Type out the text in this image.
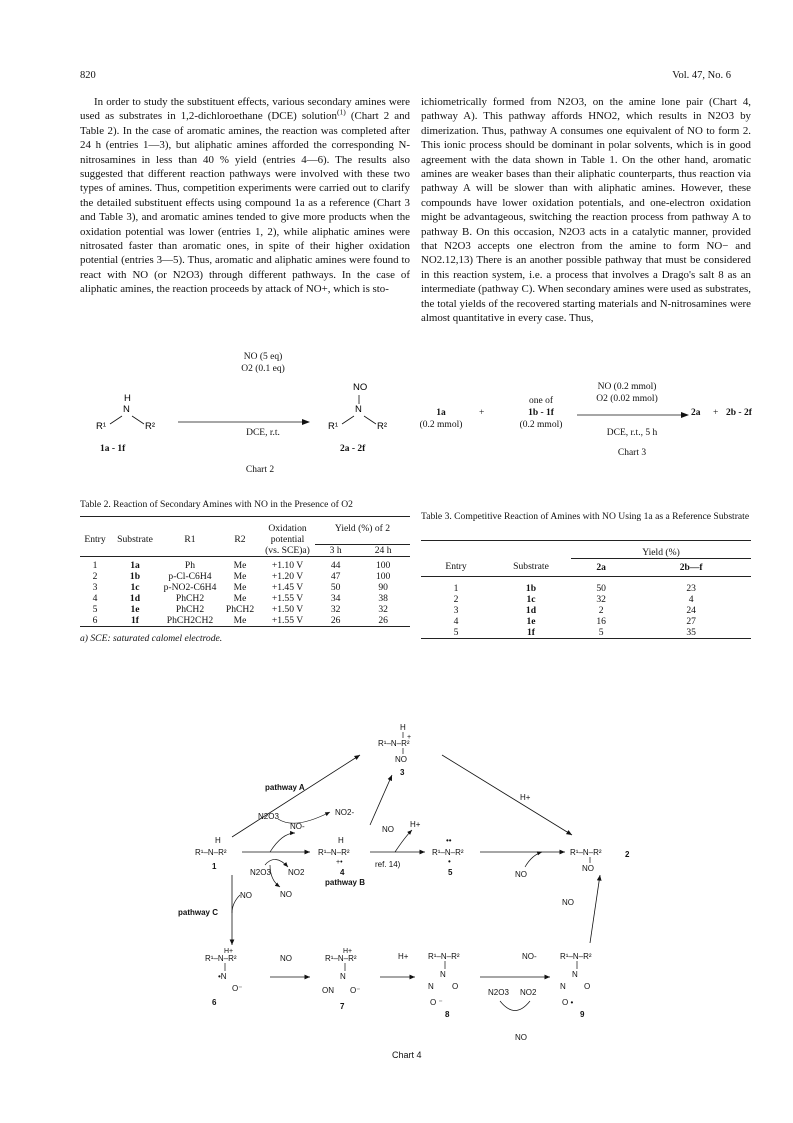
820	Vol. 47, No. 6

In order to study the substituent effects, various secondary amines were used as substrates in 1,2-dichloroethane (DCE) solution$^{(1)}$ (Chart 2 and Table 2). In the case of aromatic amines, the reaction was completed after 24 h (entries 1—3), but aliphatic amines afforded the corresponding N-nitrosamines in less than 40 % yield (entries 4—6). The results also suggested that different reaction pathways were involved with these two types of amines. Thus, competition experiments were carried out to clarify the detailed substituent effects using compound 1a as a reference (Chart 3 and Table 3), and aromatic amines tended to give more products when the oxidation potential was lower (entries 1, 2), while aliphatic amines were nitrosated faster than aromatic ones, in spite of their higher oxidation potential (entries 3—5). Thus, aromatic and aliphatic amines were found to react with NO (or N2O3) through different pathways. In the case of aliphatic amines, the reaction proceeds by attack of NO+, which is sto-

ichiometrically formed from N2O3, on the amine lone pair (Chart 4, pathway A). This pathway affords HNO2, which results in N2O3 by dimerization. Thus, pathway A consumes one equivalent of NO to form 2. This ionic process should be dominant in polar solvents, which is in good agreement with the data shown in Table 1. On the other hand, aromatic amines are weaker bases than their aliphatic counterparts, thus reaction via pathway A will be slower than with aliphatic amines. However, these compounds have lower oxidation potentials, and one-electron oxidation might be advantageous, switching the reaction process from pathway A to pathway B. On this occasion, N2O3 acts in a catalytic manner, provided that N2O3 accepts one electron from the amine to form NO− and NO2.12,13) There is an another possible pathway that must be considered in this reaction system, i.e. a process that involves a Drago's salt 8 as an intermediate (pathway C). When secondary amines were used as substrates, the total yields of the recovered starting materials and N-nitrosamines were almost quantitative in every case. Thus,

R¹
N
H
R²	R¹
N
NO
R²
NO (5 eq)
O2 (0.1 eq)
DCE, r.t.
1a - 1f	2a - 2f
Chart 2
NO (0.2 mmol)
O2 (0.02 mmol)
one of
1a	+	1b - 1f
(0.2 mmol)	(0.2 mmol)
2a + 2b - 2f
DCE, r.t., 5 h
Chart 3
Table 2. Reaction of Secondary Amines with NO in the Presence of O2

				Oxidation	Yield (%) of 2	
Entry	Substrate	R1	R2	potential		
				(vs. SCE)a)	3 h	24 h
1	1a	Ph	Me	+1.10 V	44	100
2	1b	p-Cl-C6H4	Me	+1.20 V	47	100
3	1c	p-NO2-C6H4	Me	+1.45 V	50	90
4	1d	PhCH2	Me	+1.55 V	34	38
5	1e	PhCH2	PhCH2	+1.50 V	32	32
6	1f	PhCH2CH2	Me	+1.55 V	26	26
a) SCE: saturated calomel electrode.
Table 3. Competitive Reaction of Amines with NO Using 1a as a Reference Substrate

		Yield (%)	
Entry	Substrate	2a	2b—f
1	1b	50	23
2	1c	32	4
3	1d	2	24
4	1e	16	27
5	1f	5	35
H
R¹–N–R²
+
NO
3
pathway A
N2O3	NO2-
NO
H+
H
R¹–N–R²
1
NO-
N2O3 NO2
H
R¹–N–R²
+•
4
pathway B
H+
ref. 14)
••
R¹–N–R²
•
5	NO
R¹–N–R²
NO
2
pathway C
NO	NO
R¹–N–R²
H+
•N
O⁻
6
NO	R¹–N–R²
H+
N
ON O⁻
7
H+ R¹–N–R²
N
N O
O ⁻
8
NO-
N2O3 NO2
NO
R¹–N–R²
N
N O
O •
9
NO
Chart 4
